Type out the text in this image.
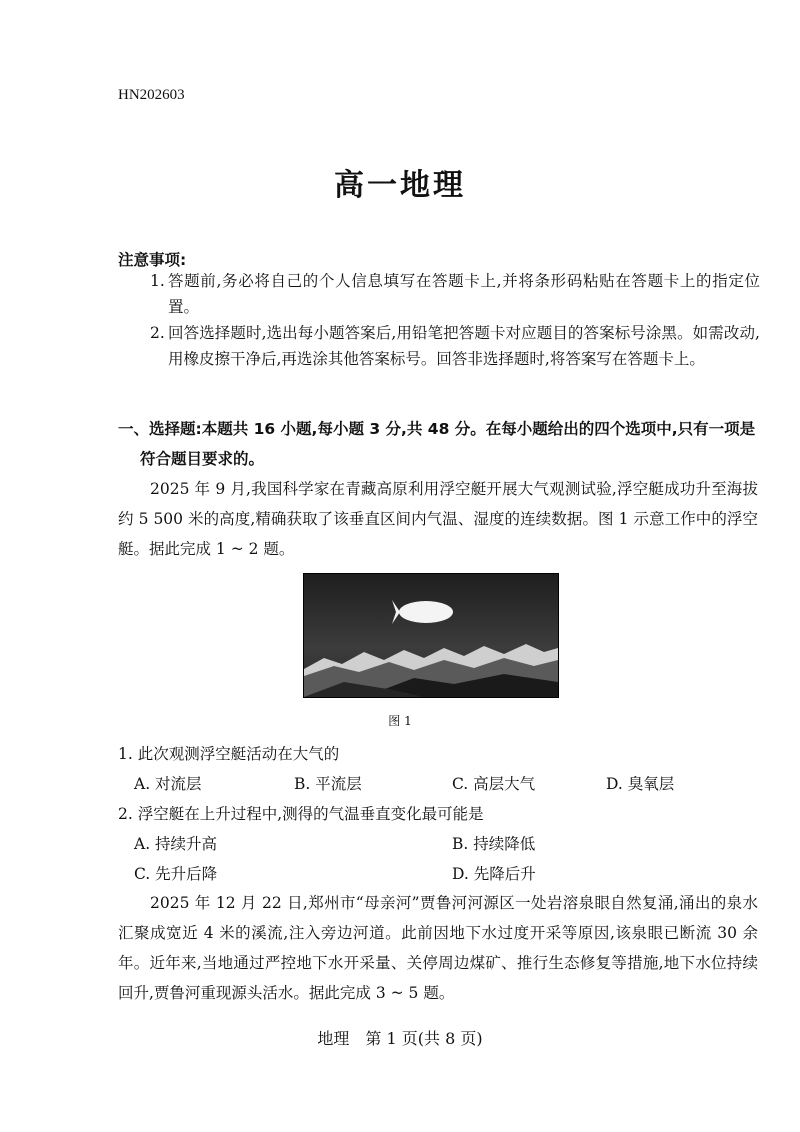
HN202603
高一地理
注意事项:
1. 答题前,务必将自己的个人信息填写在答题卡上,并将条形码粘贴在答题卡上的指定位置。
2. 回答选择题时,选出每小题答案后,用铅笔把答题卡对应题目的答案标号涂黑。如需改动,用橡皮擦干净后,再选涂其他答案标号。回答非选择题时,将答案写在答题卡上。
一、选择题:本题共 16 小题,每小题 3 分,共 48 分。在每小题给出的四个选项中,只有一项是
符合题目要求的。
2025 年 9 月,我国科学家在青藏高原利用浮空艇开展大气观测试验,浮空艇成功升至海拔约 5 500 米的高度,精确获取了该垂直区间内气温、湿度的连续数据。图 1 示意工作中的浮空艇。据此完成 1 ~ 2 题。
图 1
1. 此次观测浮空艇活动在大气的
A. 对流层	B. 平流层	C. 高层大气	D. 臭氧层
2. 浮空艇在上升过程中,测得的气温垂直变化最可能是
A. 持续升高	B. 持续降低
C. 先升后降	D. 先降后升
2025 年 12 月 22 日,郑州市“母亲河”贾鲁河河源区一处岩溶泉眼自然复涌,涌出的泉水汇聚成宽近 4 米的溪流,注入旁边河道。此前因地下水过度开采等原因,该泉眼已断流 30 余年。近年来,当地通过严控地下水开采量、关停周边煤矿、推行生态修复等措施,地下水位持续回升,贾鲁河重现源头活水。据此完成 3 ~ 5 题。
地理　第 1 页(共 8 页)
